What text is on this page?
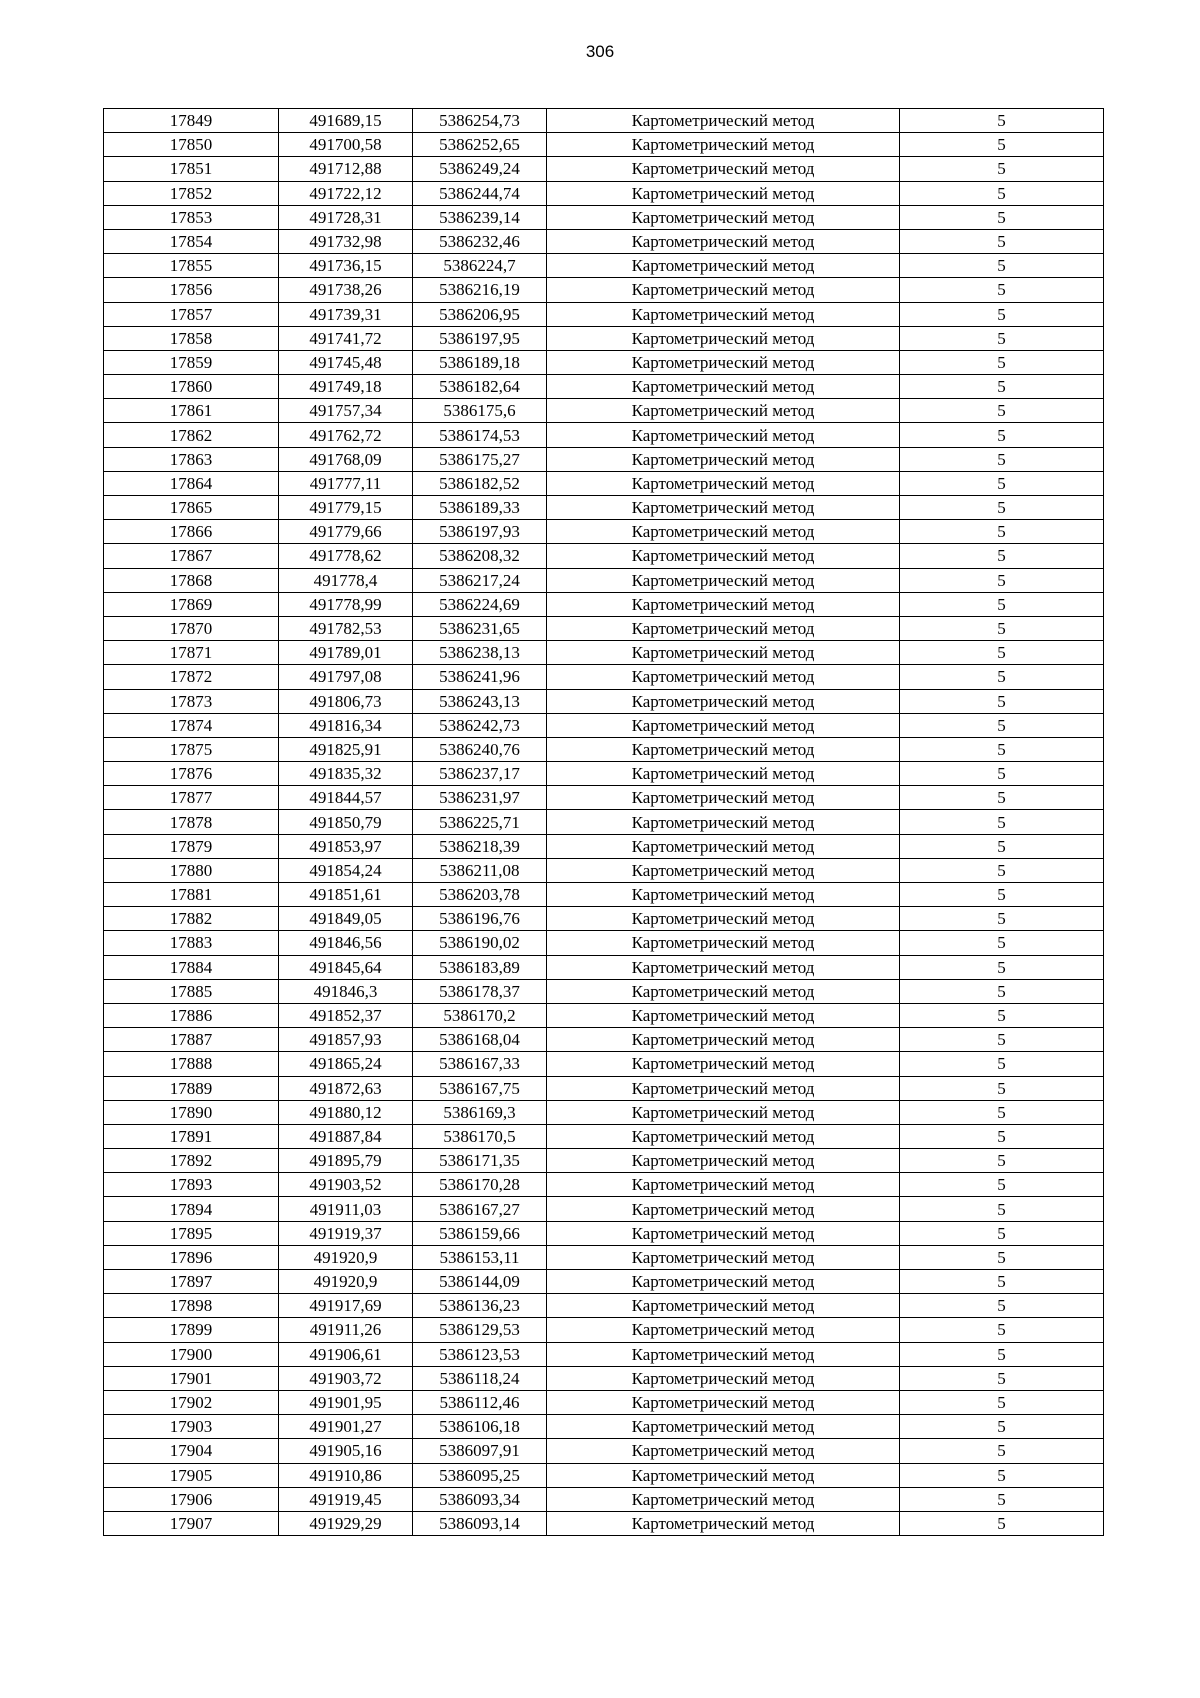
306
17849	491689,15	5386254,73	Картометрический метод	5
17850	491700,58	5386252,65	Картометрический метод	5
17851	491712,88	5386249,24	Картометрический метод	5
17852	491722,12	5386244,74	Картометрический метод	5
17853	491728,31	5386239,14	Картометрический метод	5
17854	491732,98	5386232,46	Картометрический метод	5
17855	491736,15	5386224,7	Картометрический метод	5
17856	491738,26	5386216,19	Картометрический метод	5
17857	491739,31	5386206,95	Картометрический метод	5
17858	491741,72	5386197,95	Картометрический метод	5
17859	491745,48	5386189,18	Картометрический метод	5
17860	491749,18	5386182,64	Картометрический метод	5
17861	491757,34	5386175,6	Картометрический метод	5
17862	491762,72	5386174,53	Картометрический метод	5
17863	491768,09	5386175,27	Картометрический метод	5
17864	491777,11	5386182,52	Картометрический метод	5
17865	491779,15	5386189,33	Картометрический метод	5
17866	491779,66	5386197,93	Картометрический метод	5
17867	491778,62	5386208,32	Картометрический метод	5
17868	491778,4	5386217,24	Картометрический метод	5
17869	491778,99	5386224,69	Картометрический метод	5
17870	491782,53	5386231,65	Картометрический метод	5
17871	491789,01	5386238,13	Картометрический метод	5
17872	491797,08	5386241,96	Картометрический метод	5
17873	491806,73	5386243,13	Картометрический метод	5
17874	491816,34	5386242,73	Картометрический метод	5
17875	491825,91	5386240,76	Картометрический метод	5
17876	491835,32	5386237,17	Картометрический метод	5
17877	491844,57	5386231,97	Картометрический метод	5
17878	491850,79	5386225,71	Картометрический метод	5
17879	491853,97	5386218,39	Картометрический метод	5
17880	491854,24	5386211,08	Картометрический метод	5
17881	491851,61	5386203,78	Картометрический метод	5
17882	491849,05	5386196,76	Картометрический метод	5
17883	491846,56	5386190,02	Картометрический метод	5
17884	491845,64	5386183,89	Картометрический метод	5
17885	491846,3	5386178,37	Картометрический метод	5
17886	491852,37	5386170,2	Картометрический метод	5
17887	491857,93	5386168,04	Картометрический метод	5
17888	491865,24	5386167,33	Картометрический метод	5
17889	491872,63	5386167,75	Картометрический метод	5
17890	491880,12	5386169,3	Картометрический метод	5
17891	491887,84	5386170,5	Картометрический метод	5
17892	491895,79	5386171,35	Картометрический метод	5
17893	491903,52	5386170,28	Картометрический метод	5
17894	491911,03	5386167,27	Картометрический метод	5
17895	491919,37	5386159,66	Картометрический метод	5
17896	491920,9	5386153,11	Картометрический метод	5
17897	491920,9	5386144,09	Картометрический метод	5
17898	491917,69	5386136,23	Картометрический метод	5
17899	491911,26	5386129,53	Картометрический метод	5
17900	491906,61	5386123,53	Картометрический метод	5
17901	491903,72	5386118,24	Картометрический метод	5
17902	491901,95	5386112,46	Картометрический метод	5
17903	491901,27	5386106,18	Картометрический метод	5
17904	491905,16	5386097,91	Картометрический метод	5
17905	491910,86	5386095,25	Картометрический метод	5
17906	491919,45	5386093,34	Картометрический метод	5
17907	491929,29	5386093,14	Картометрический метод	5
